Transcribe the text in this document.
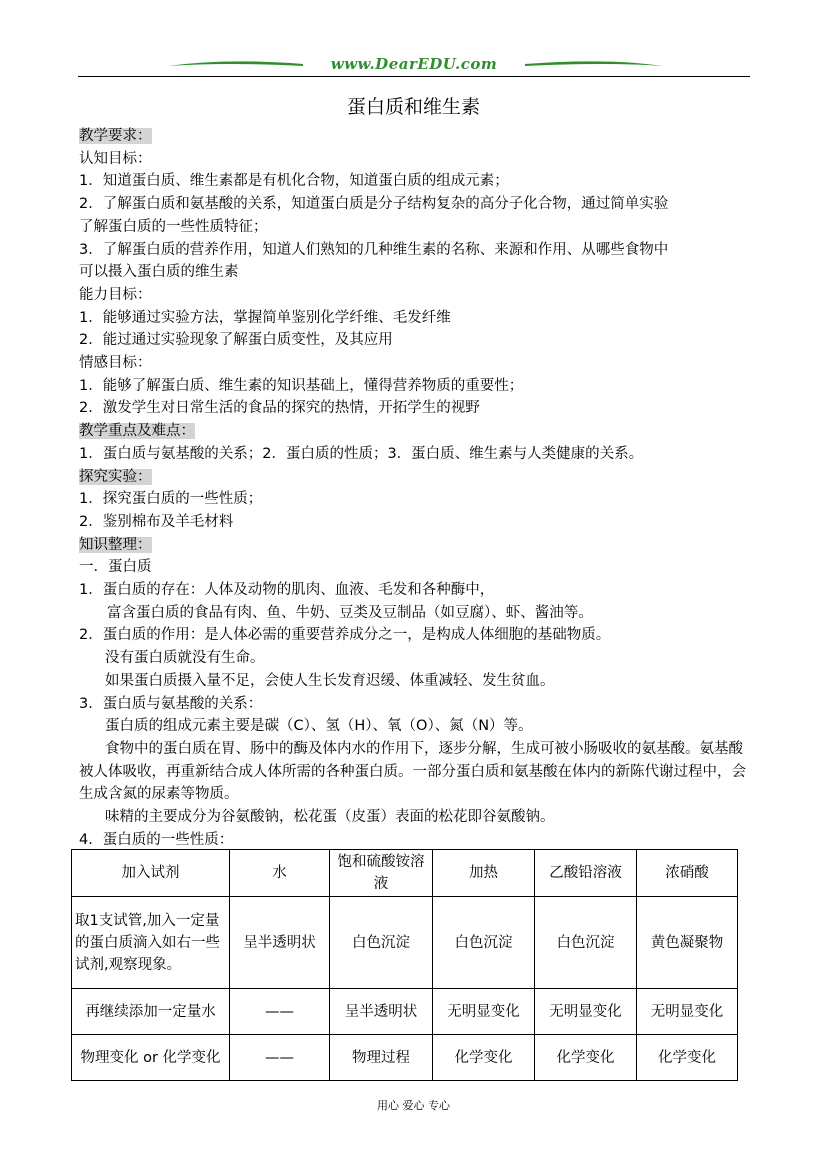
www.DearEDU.com
蛋白质和维生素
教学要求：
认知目标：
1．知道蛋白质、维生素都是有机化合物，知道蛋白质的组成元素；
2．了解蛋白质和氨基酸的关系，知道蛋白质是分子结构复杂的高分子化合物，通过简单实验
了解蛋白质的一些性质特征；
3．了解蛋白质的营养作用，知道人们熟知的几种维生素的名称、来源和作用、从哪些食物中
可以摄入蛋白质的维生素
能力目标：
1．能够通过实验方法，掌握简单鉴别化学纤维、毛发纤维
2．能过通过实验现象了解蛋白质变性，及其应用
情感目标：
1．能够了解蛋白质、维生素的知识基础上，懂得营养物质的重要性；
2．激发学生对日常生活的食品的探究的热情，开拓学生的视野
教学重点及难点：
1．蛋白质与氨基酸的关系；2．蛋白质的性质；3．蛋白质、维生素与人类健康的关系。
探究实验：
1．探究蛋白质的一些性质；
2．鉴别棉布及羊毛材料
知识整理：
一．蛋白质
1．蛋白质的存在：人体及动物的肌肉、血液、毛发和各种酶中，
富含蛋白质的食品有肉、鱼、牛奶、豆类及豆制品（如豆腐）、虾、酱油等。
2．蛋白质的作用：是人体必需的重要营养成分之一，是构成人体细胞的基础物质。
没有蛋白质就没有生命。
如果蛋白质摄入量不足，会使人生长发育迟缓、体重减轻、发生贫血。
3．蛋白质与氨基酸的关系：
蛋白质的组成元素主要是碳（C）、氢（H）、氧（O）、氮（N）等。
食物中的蛋白质在胃、肠中的酶及体内水的作用下，逐步分解，生成可被小肠吸收的氨基酸。氨基酸被人体吸收，再重新结合成人体所需的各种蛋白质。一部分蛋白质和氨基酸在体内的新陈代谢过程中，会生成含氮的尿素等物质。
味精的主要成分为谷氨酸钠，松花蛋（皮蛋）表面的松花即谷氨酸钠。
4．蛋白质的一些性质：
加入试剂	水	饱和硫酸铵溶液	加热	乙酸铅溶液	浓硝酸
取1支试管,加入一定量的蛋白质滴入如右一些试剂,观察现象。	呈半透明状	白色沉淀	白色沉淀	白色沉淀	黄色凝聚物
再继续添加一定量水	——	呈半透明状	无明显变化	无明显变化	无明显变化
物理变化 or 化学变化	——	物理过程	化学变化	化学变化	化学变化
用心 爱心 专心
